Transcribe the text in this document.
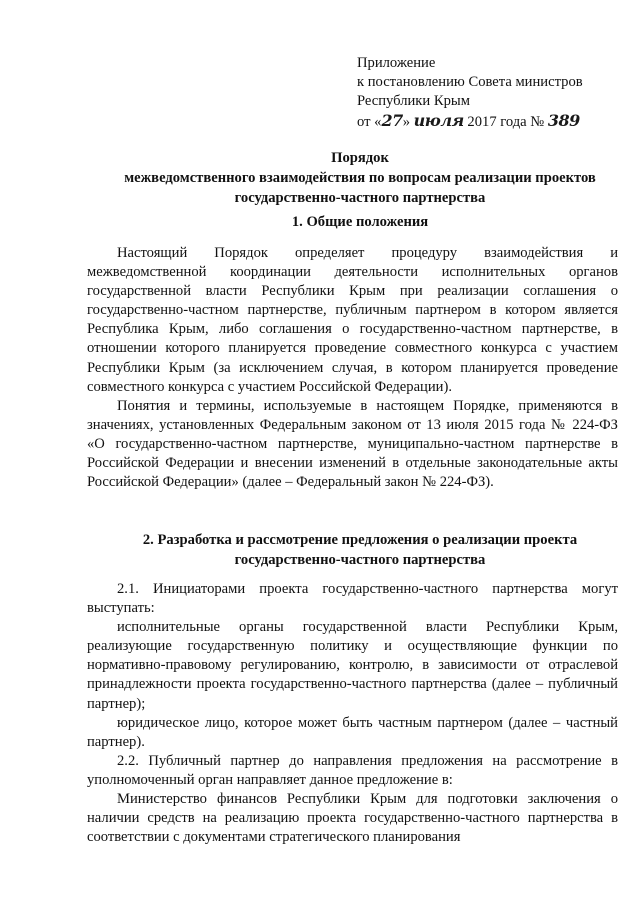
Приложение
к постановлению Совета министров
Республики Крым
от «27» июля 2017 года № 389
Порядок
межведомственного взаимодействия по вопросам реализации проектов
государственно-частного партнерства
1. Общие положения

Настоящий Порядок определяет процедуру взаимодействия и межведомственной координации деятельности исполнительных органов государственной власти Республики Крым при реализации соглашения о государственно-частном партнерстве, публичным партнером в котором является Республика Крым, либо соглашения о государственно-частном партнерстве, в отношении которого планируется проведение совместного конкурса с участием Республики Крым (за исключением случая, в котором планируется проведение совместного конкурса с участием Российской Федерации).

Понятия и термины, используемые в настоящем Порядке, применяются в значениях, установленных Федеральным законом от 13 июля 2015 года № 224-ФЗ «О государственно-частном партнерстве, муниципально-частном партнерстве в Российской Федерации и внесении изменений в отдельные законодательные акты Российской Федерации» (далее – Федеральный закон № 224-ФЗ).

2. Разработка и рассмотрение предложения о реализации проекта
государственно-частного партнерства

2.1. Инициаторами проекта государственно-частного партнерства могут выступать:

исполнительные органы государственной власти Республики Крым, реализующие государственную политику и осуществляющие функции по нормативно-правовому регулированию, контролю, в зависимости от отраслевой принадлежности проекта государственно-частного партнерства (далее – публичный партнер);

юридическое лицо, которое может быть частным партнером (далее – частный партнер).

2.2. Публичный партнер до направления предложения на рассмотрение в уполномоченный орган направляет данное предложение в:

Министерство финансов Республики Крым для подготовки заключения о наличии средств на реализацию проекта государственно-частного партнерства в соответствии с документами стратегического планирования
